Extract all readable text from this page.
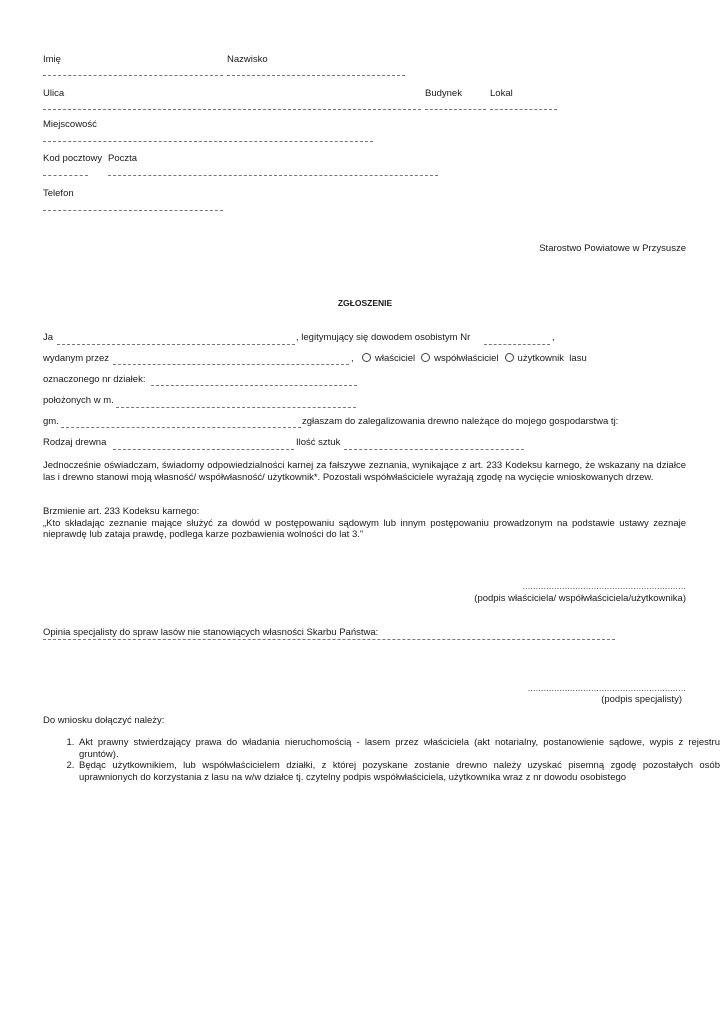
Imię	Nazwisko
Ulica	Budynek	Lokal
Miejscowość
Kod pocztowy Poczta
Telefon
Starostwo Powiatowe w Przysusze
ZGŁOSZENIE
Ja	, legitymujący się dowodem osobistym Nr	,
wydanym przez	,	właściciel współwłaściciel użytkownik lasu
oznaczonego nr działek:
położonych w m.
gm.	zgłaszam do zalegalizowania drewno należące do mojego gospodarstwa tj:
Rodzaj drewna	Ilość sztuk
Jednocześnie oświadczam, świadomy odpowiedzialności karnej za fałszywe zeznania, wynikające z art. 233 Kodeksu karnego, że wskazany na działce las i drewno stanowi moją własność/ współwłasność/ użytkownik*. Pozostali współwłaściciele wyrażają zgodę na wycięcie wnioskowanych drzew.
Brzmienie art. 233 Kodeksu karnego:
„Kto składając zeznanie mające służyć za dowód w postępowaniu sądowym lub innym postępowaniu prowadzonym na podstawie ustawy zeznaje nieprawdę lub zataja prawdę, podlega karze pozbawienia wolności do lat 3.”
..............................................................
(podpis właściciela/ współwłaściciela/użytkownika)
Opinia specjalisty do spraw lasów nie stanowiących własności Skarbu Państwa:
............................................................
(podpis specjalisty)
Do wniosku dołączyć należy:
1. Akt prawny stwierdzający prawa do władania nieruchomością - lasem przez właściciela (akt notarialny, postanowienie sądowe, wypis z rejestru gruntów).
2. Będąc użytkownikiem, lub współwłaścicielem działki, z której pozyskane zostanie drewno należy uzyskać pisemną zgodę pozostałych osób uprawnionych do korzystania z lasu na w/w działce tj. czytelny podpis współwłaściciela, użytkownika wraz z nr dowodu osobistego
